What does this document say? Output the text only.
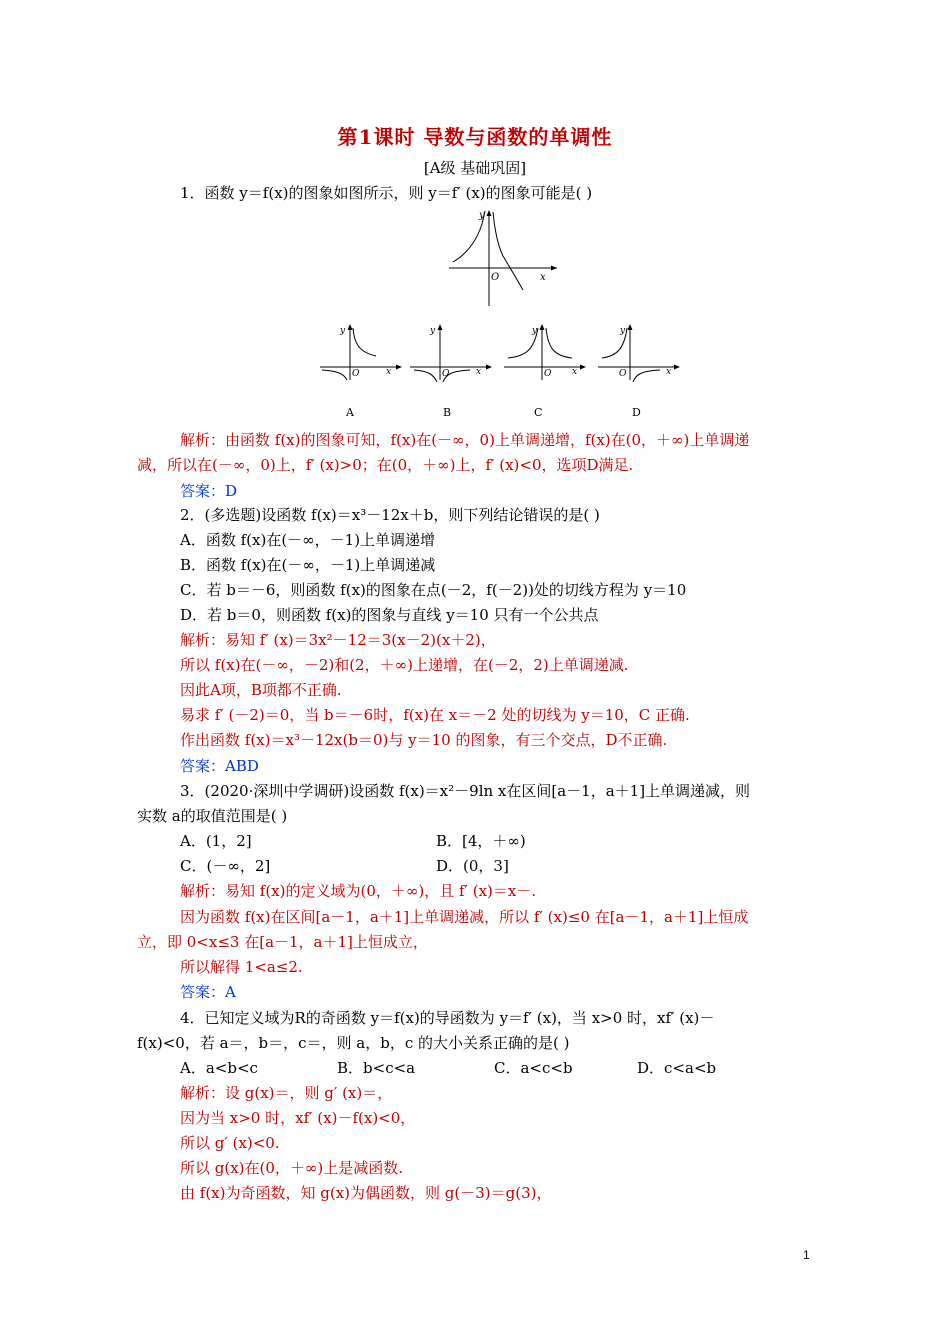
第1课时 导数与函数的单调性
[A级 基础巩固]
1．函数 y＝f(x)的图象如图所示，则 y＝f′ (x)的图象可能是( )
y
x
O
y
x
O
y
x
O
y
x
O
y
x
O
A	B	C	D
解析：由函数 f(x)的图象可知，f(x)在(－∞，0)上单调递增，f(x)在(0，＋∞)上单调递
减，所以在(－∞，0)上，f′ (x)>0；在(0，＋∞)上，f′ (x)<0，选项D满足.
答案：D
2．(多选题)设函数 f(x)＝x³－12x＋b，则下列结论错误的是( )
A．函数 f(x)在(－∞，－1)上单调递增
B．函数 f(x)在(－∞，－1)上单调递减
C．若 b＝－6，则函数 f(x)的图象在点(－2，f(－2))处的切线方程为 y＝10
D．若 b＝0，则函数 f(x)的图象与直线 y＝10 只有一个公共点
解析：易知 f′ (x)＝3x²－12＝3(x－2)(x＋2)，
所以 f(x)在(－∞，－2)和(2，＋∞)上递增，在(－2，2)上单调递减.
因此A项，B项都不正确.
易求 f′ (－2)＝0，当 b＝－6时，f(x)在 x＝－2 处的切线为 y＝10，C 正确.
作出函数 f(x)＝x³－12x(b＝0)与 y＝10 的图象，有三个交点，D不正确.
答案：ABD
3．(2020·深圳中学调研)设函数 f(x)＝x²－9ln x在区间[a－1，a＋1]上单调递减，则
实数 a的取值范围是( )
A．(1，2]	B．[4，＋∞)
C．(－∞，2]	D．(0，3]
解析：易知 f(x)的定义域为(0，＋∞)，且 f′ (x)＝x－.
因为函数 f(x)在区间[a－1，a＋1]上单调递减，所以 f′ (x)≤0 在[a－1，a＋1]上恒成
立，即 0<x≤3 在[a－1，a＋1]上恒成立，
所以解得 1<a≤2.
答案：A
4．已知定义域为R的奇函数 y＝f(x)的导函数为 y＝f′ (x)，当 x>0 时，xf′ (x)－
f(x)<0，若 a＝，b＝，c＝，则 a，b，c 的大小关系正确的是( )
A．a<b<c	B．b<c<a	C．a<c<b	D．c<a<b
解析：设 g(x)＝，则 g′ (x)＝，
因为当 x>0 时，xf′ (x)－f(x)<0，
所以 g′ (x)<0.
所以 g(x)在(0，＋∞)上是减函数.
由 f(x)为奇函数，知 g(x)为偶函数，则 g(－3)＝g(3)，
1
